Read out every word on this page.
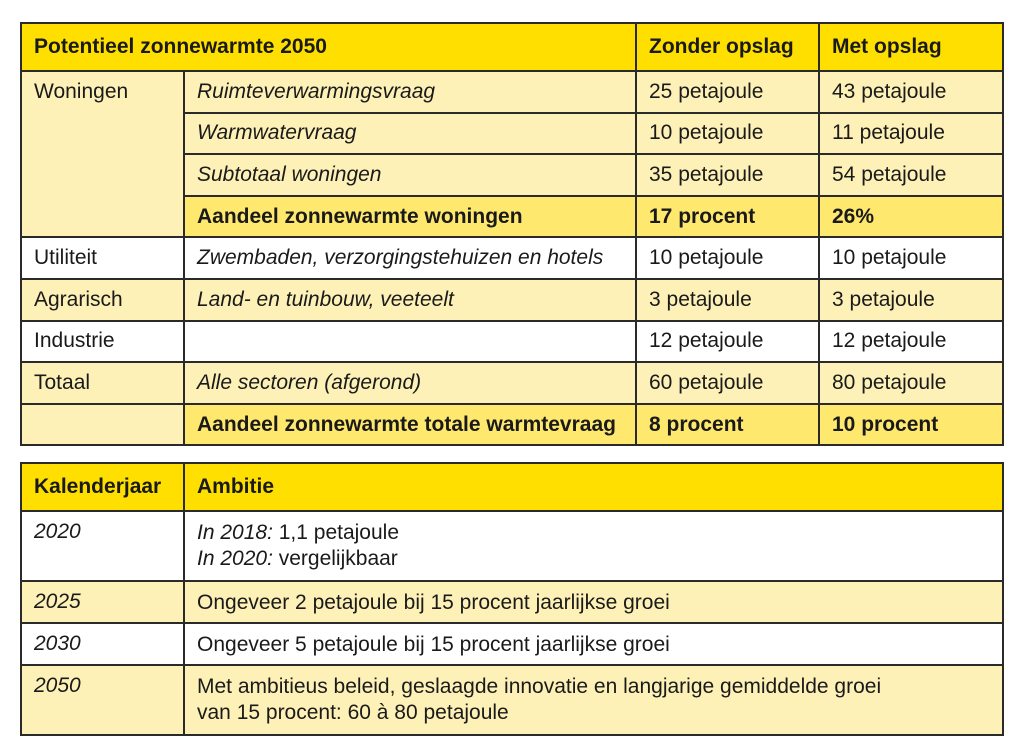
Potentieel zonnewarmte 2050		Zonder opslag	Met opslag
Woningen	Ruimteverwarmingsvraag	25 petajoule	43 petajoule
	Warmwatervraag	10 petajoule	11 petajoule
	Subtotaal woningen	35 petajoule	54 petajoule
	Aandeel zonnewarmte woningen	17 procent	26%
Utiliteit	Zwembaden, verzorgingstehuizen en hotels	10 petajoule	10 petajoule
Agrarisch	Land- en tuinbouw, veeteelt	3 petajoule	3 petajoule
Industrie		12 petajoule	12 petajoule
Totaal	Alle sectoren (afgerond)	60 petajoule	80 petajoule
	Aandeel zonnewarmte totale warmtevraag	8 procent	10 procent
Kalenderjaar	Ambitie
2020	In 2018: 1,1 petajoule
In 2020: vergelijkbaar

2025	Ongeveer 2 petajoule bij 15 procent jaarlijkse groei

2030	Ongeveer 5 petajoule bij 15 procent jaarlijkse groei

2050	Met ambitieus beleid, geslaagde innovatie en langjarige gemiddelde groei
van 15 procent: 60 à 80 petajoule
